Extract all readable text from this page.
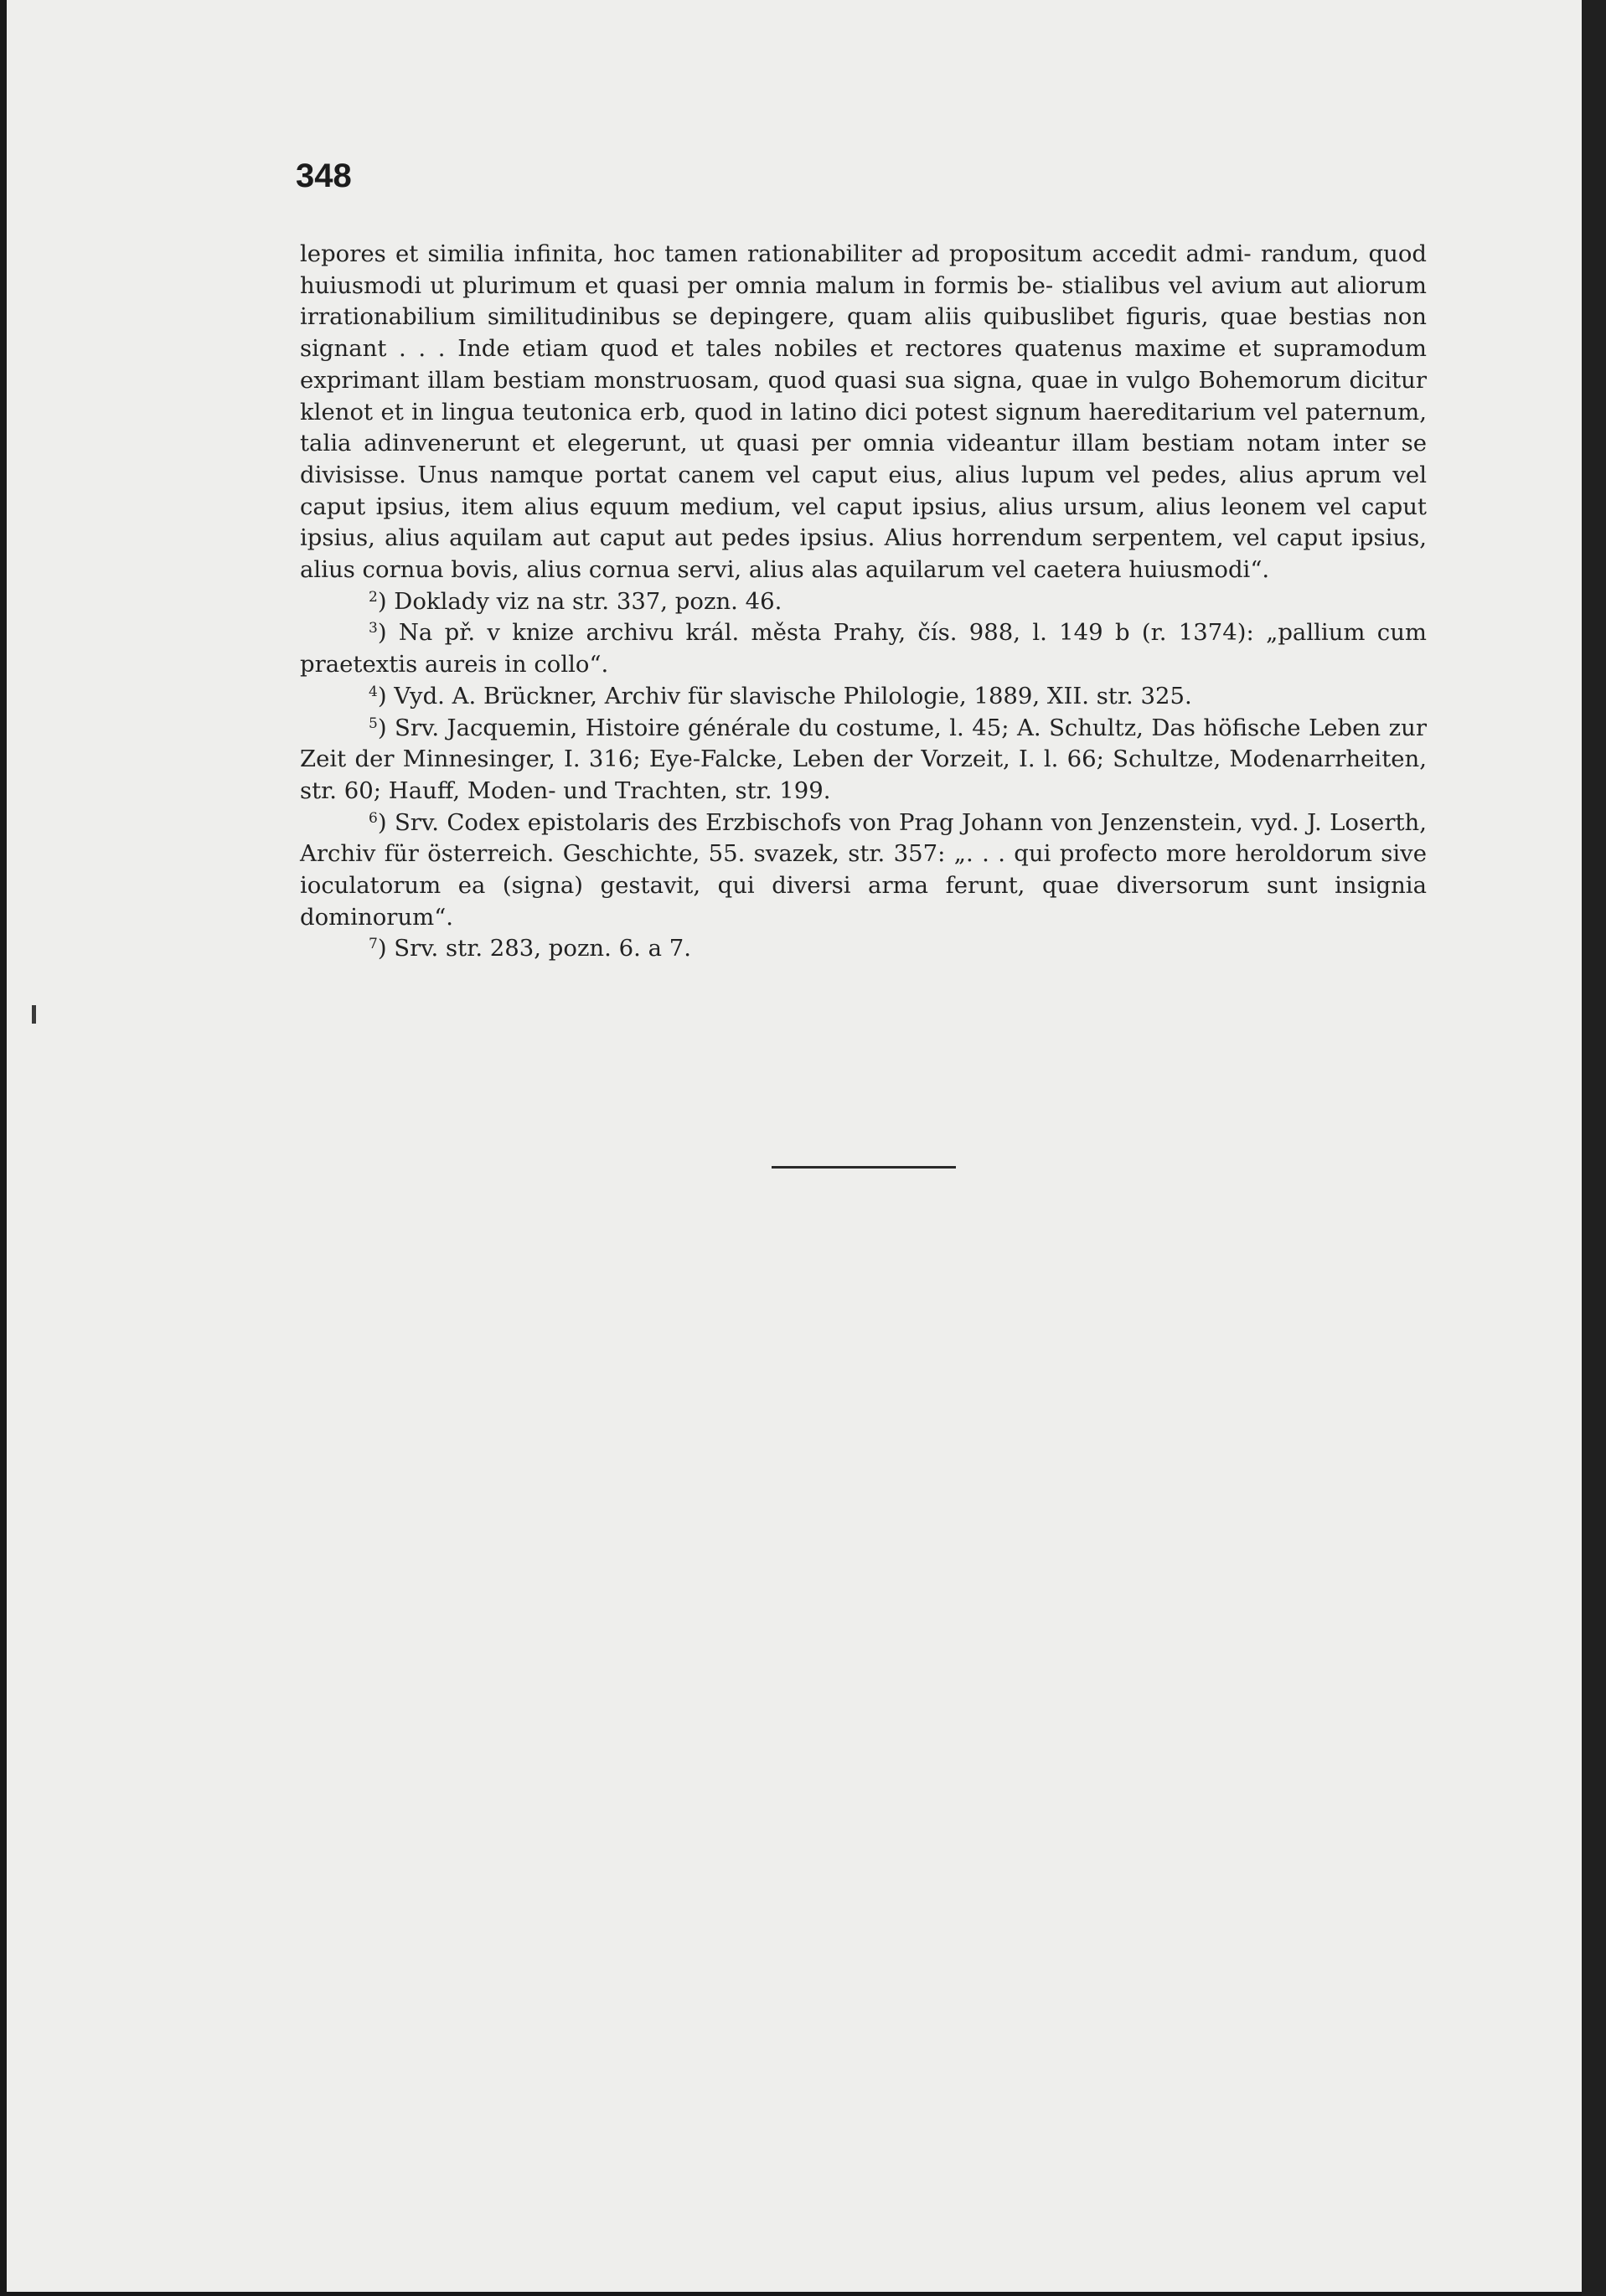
348

lepores et similia infinita, hoc tamen rationabiliter ad propositum accedit admi- randum, quod huiusmodi ut plurimum et quasi per omnia malum in formis be- stialibus vel avium aut aliorum irrationabilium similitudinibus se depingere, quam aliis quibuslibet figuris, quae bestias non signant . . . Inde etiam quod et tales nobiles et rectores quatenus maxime et supramodum exprimant illam bestiam monstruosam, quod quasi sua signa, quae in vulgo Bohemorum dicitur klenot et in lingua teutonica erb, quod in latino dici potest signum haereditarium vel paternum, talia adinvenerunt et elegerunt, ut quasi per omnia videantur illam bestiam notam inter se divisisse. Unus namque portat canem vel caput eius, alius lupum vel pedes, alius aprum vel caput ipsius, item alius equum medium, vel caput ipsius, alius ursum, alius leonem vel caput ipsius, alius aquilam aut caput aut pedes ipsius. Alius horrendum serpentem, vel caput ipsius, alius cornua bovis, alius cornua servi, alius alas aquilarum vel caetera huiusmodi“.

$^2$) Doklady viz na str. 337, pozn. 46.

$^3$) Na př. v knize archivu král. města Prahy, čís. 988, l. 149 b (r. 1374): „pallium cum praetextis aureis in collo“.

$^4$) Vyd. A. Brückner, Archiv für slavische Philologie, 1889, XII. str. 325.

$^5$) Srv. Jacquemin, Histoire générale du costume, l. 45; A. Schultz, Das höfische Leben zur Zeit der Minnesinger, I. 316; Eye-Falcke, Leben der Vorzeit, I. l. 66; Schultze, Modenarrheiten, str. 60; Hauff, Moden- und Trachten, str. 199.

$^6$) Srv. Codex epistolaris des Erzbischofs von Prag Johann von Jenzenstein, vyd. J. Loserth, Archiv für österreich. Geschichte, 55. svazek, str. 357: „. . . qui profecto more heroldorum sive ioculatorum ea (signa) gestavit, qui diversi arma ferunt, quae diversorum sunt insignia dominorum“.

$^7$) Srv. str. 283, pozn. 6. a 7.
